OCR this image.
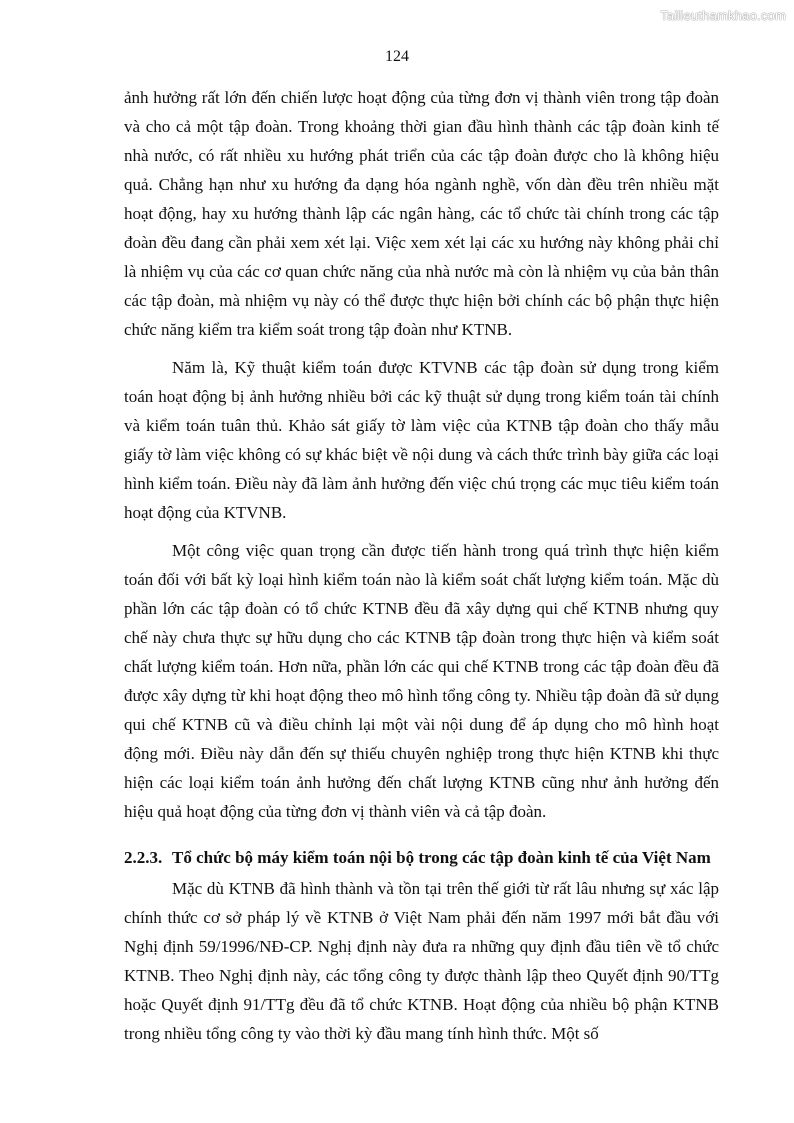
Tailieuthamkhao.com
124

ảnh hưởng rất lớn đến chiến lược hoạt động của từng đơn vị thành viên trong tập đoàn và cho cả một tập đoàn. Trong khoảng thời gian đầu hình thành các tập đoàn kinh tế nhà nước, có rất nhiều xu hướng phát triển của các tập đoàn được cho là không hiệu quả. Chẳng hạn như xu hướng đa dạng hóa ngành nghề, vốn dàn đều trên nhiều mặt hoạt động, hay xu hướng thành lập các ngân hàng, các tổ chức tài chính trong các tập đoàn đều đang cần phải xem xét lại. Việc xem xét lại các xu hướng này không phải chỉ là nhiệm vụ của các cơ quan chức năng của nhà nước mà còn là nhiệm vụ của bản thân các tập đoàn, mà nhiệm vụ này có thể được thực hiện bởi chính các bộ phận thực hiện chức năng kiểm tra kiểm soát trong tập đoàn như KTNB.

Năm là, Kỹ thuật kiểm toán được KTVNB các tập đoàn sử dụng trong kiểm toán hoạt động bị ảnh hưởng nhiều bởi các kỹ thuật sử dụng trong kiểm toán tài chính và kiểm toán tuân thủ. Khảo sát giấy tờ làm việc của KTNB tập đoàn cho thấy mẫu giấy tờ làm việc không có sự khác biệt về nội dung và cách thức trình bày giữa các loại hình kiểm toán. Điều này đã làm ảnh hưởng đến việc chú trọng các mục tiêu kiểm toán hoạt động của KTVNB.

Một công việc quan trọng cần được tiến hành trong quá trình thực hiện kiểm toán đối với bất kỳ loại hình kiểm toán nào là kiểm soát chất lượng kiểm toán. Mặc dù phần lớn các tập đoàn có tổ chức KTNB đều đã xây dựng qui chế KTNB nhưng quy chế này chưa thực sự hữu dụng cho các KTNB tập đoàn trong thực hiện và kiểm soát chất lượng kiểm toán. Hơn nữa, phần lớn các qui chế KTNB trong các tập đoàn đều đã được xây dựng từ khi hoạt động theo mô hình tổng công ty. Nhiều tập đoàn đã sử dụng qui chế KTNB cũ và điều chỉnh lại một vài nội dung để áp dụng cho mô hình hoạt động mới. Điều này dẫn đến sự thiếu chuyên nghiệp trong thực hiện KTNB khi thực hiện các loại kiểm toán ảnh hưởng đến chất lượng KTNB cũng như ảnh hưởng đến hiệu quả hoạt động của từng đơn vị thành viên và cả tập đoàn.

2.2.3. Tổ chức bộ máy kiểm toán nội bộ trong các tập đoàn kinh tế của Việt Nam

Mặc dù KTNB đã hình thành và tồn tại trên thế giới từ rất lâu nhưng sự xác lập chính thức cơ sở pháp lý về KTNB ở Việt Nam phải đến năm 1997 mới bắt đầu với Nghị định 59/1996/NĐ-CP. Nghị định này đưa ra những quy định đầu tiên về tổ chức KTNB. Theo Nghị định này, các tổng công ty được thành lập theo Quyết định 90/TTg hoặc Quyết định 91/TTg đều đã tổ chức KTNB. Hoạt động của nhiều bộ phận KTNB trong nhiều tổng công ty vào thời kỳ đầu mang tính hình thức. Một số
